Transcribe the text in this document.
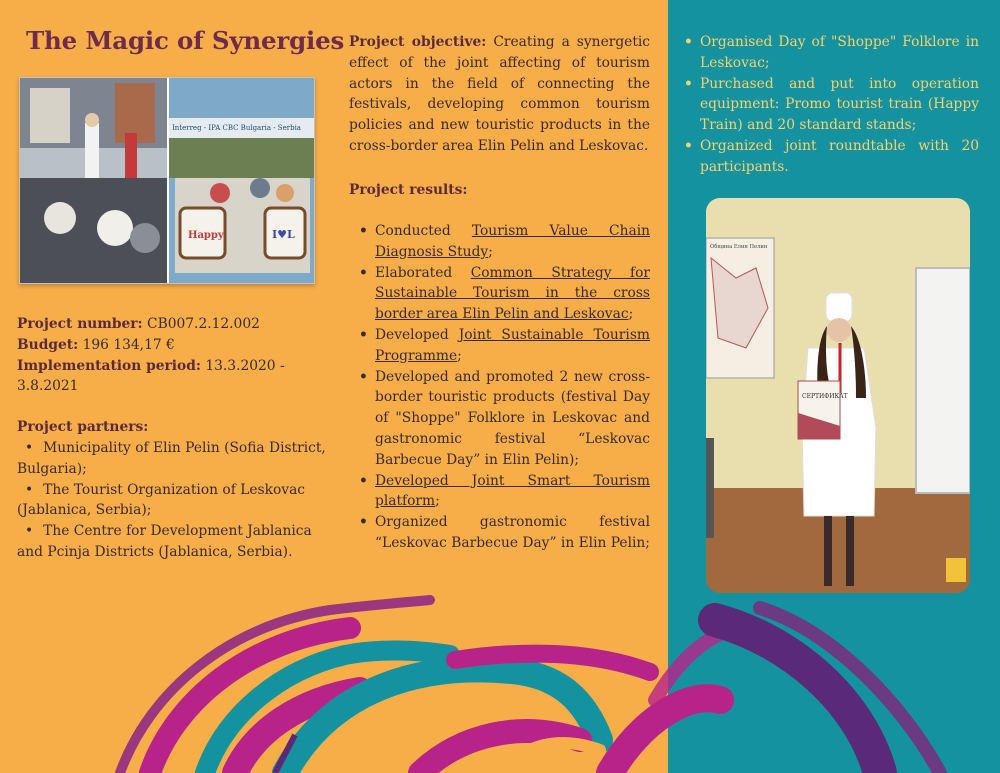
The Magic of Synergies
Interreg - IPA CBC Bulgaria - Serbia
Happy	I♥L
СЕРТИФИКАТ
Община Елин Пелин
Project number: CB007.2.12.002
Budget: 196 134,17 €
Implementation period: 13.3.2020 - 3.8.2021
Project partners:
• Municipality of Elin Pelin (Sofia District, Bulgaria);
• The Tourist Organization of Leskovac (Jablanica, Serbia);
• The Centre for Development Jablanica and Pcinja Districts (Jablanica, Serbia).
Project objective: Creating a synergetic effect of the joint affecting of tourism actors in the field of connecting the festivals, developing common tourism policies and new touristic products in the cross-border area Elin Pelin and Leskovac.
Project results:
• Conducted Tourism Value Chain Diagnosis Study;
• Elaborated Common Strategy for Sustainable Tourism in the cross border area Elin Pelin and Leskovac;
• Developed Joint Sustainable Tourism Programme;
• Developed and promoted 2 new cross-border touristic products (festival Day of "Shoppe" Folklore in Leskovac and gastronomic festival “Leskovac Barbecue Day” in Elin Pelin);
• Developed Joint Smart Tourism platform;
• Organized gastronomic festival “Leskovac Barbecue Day” in Elin Pelin;
• Organised Day of "Shoppe" Folklore in Leskovac;
• Purchased and put into operation equipment: Promo tourist train (Happy Train) and 20 standard stands;
• Organized joint roundtable with 20 participants.
